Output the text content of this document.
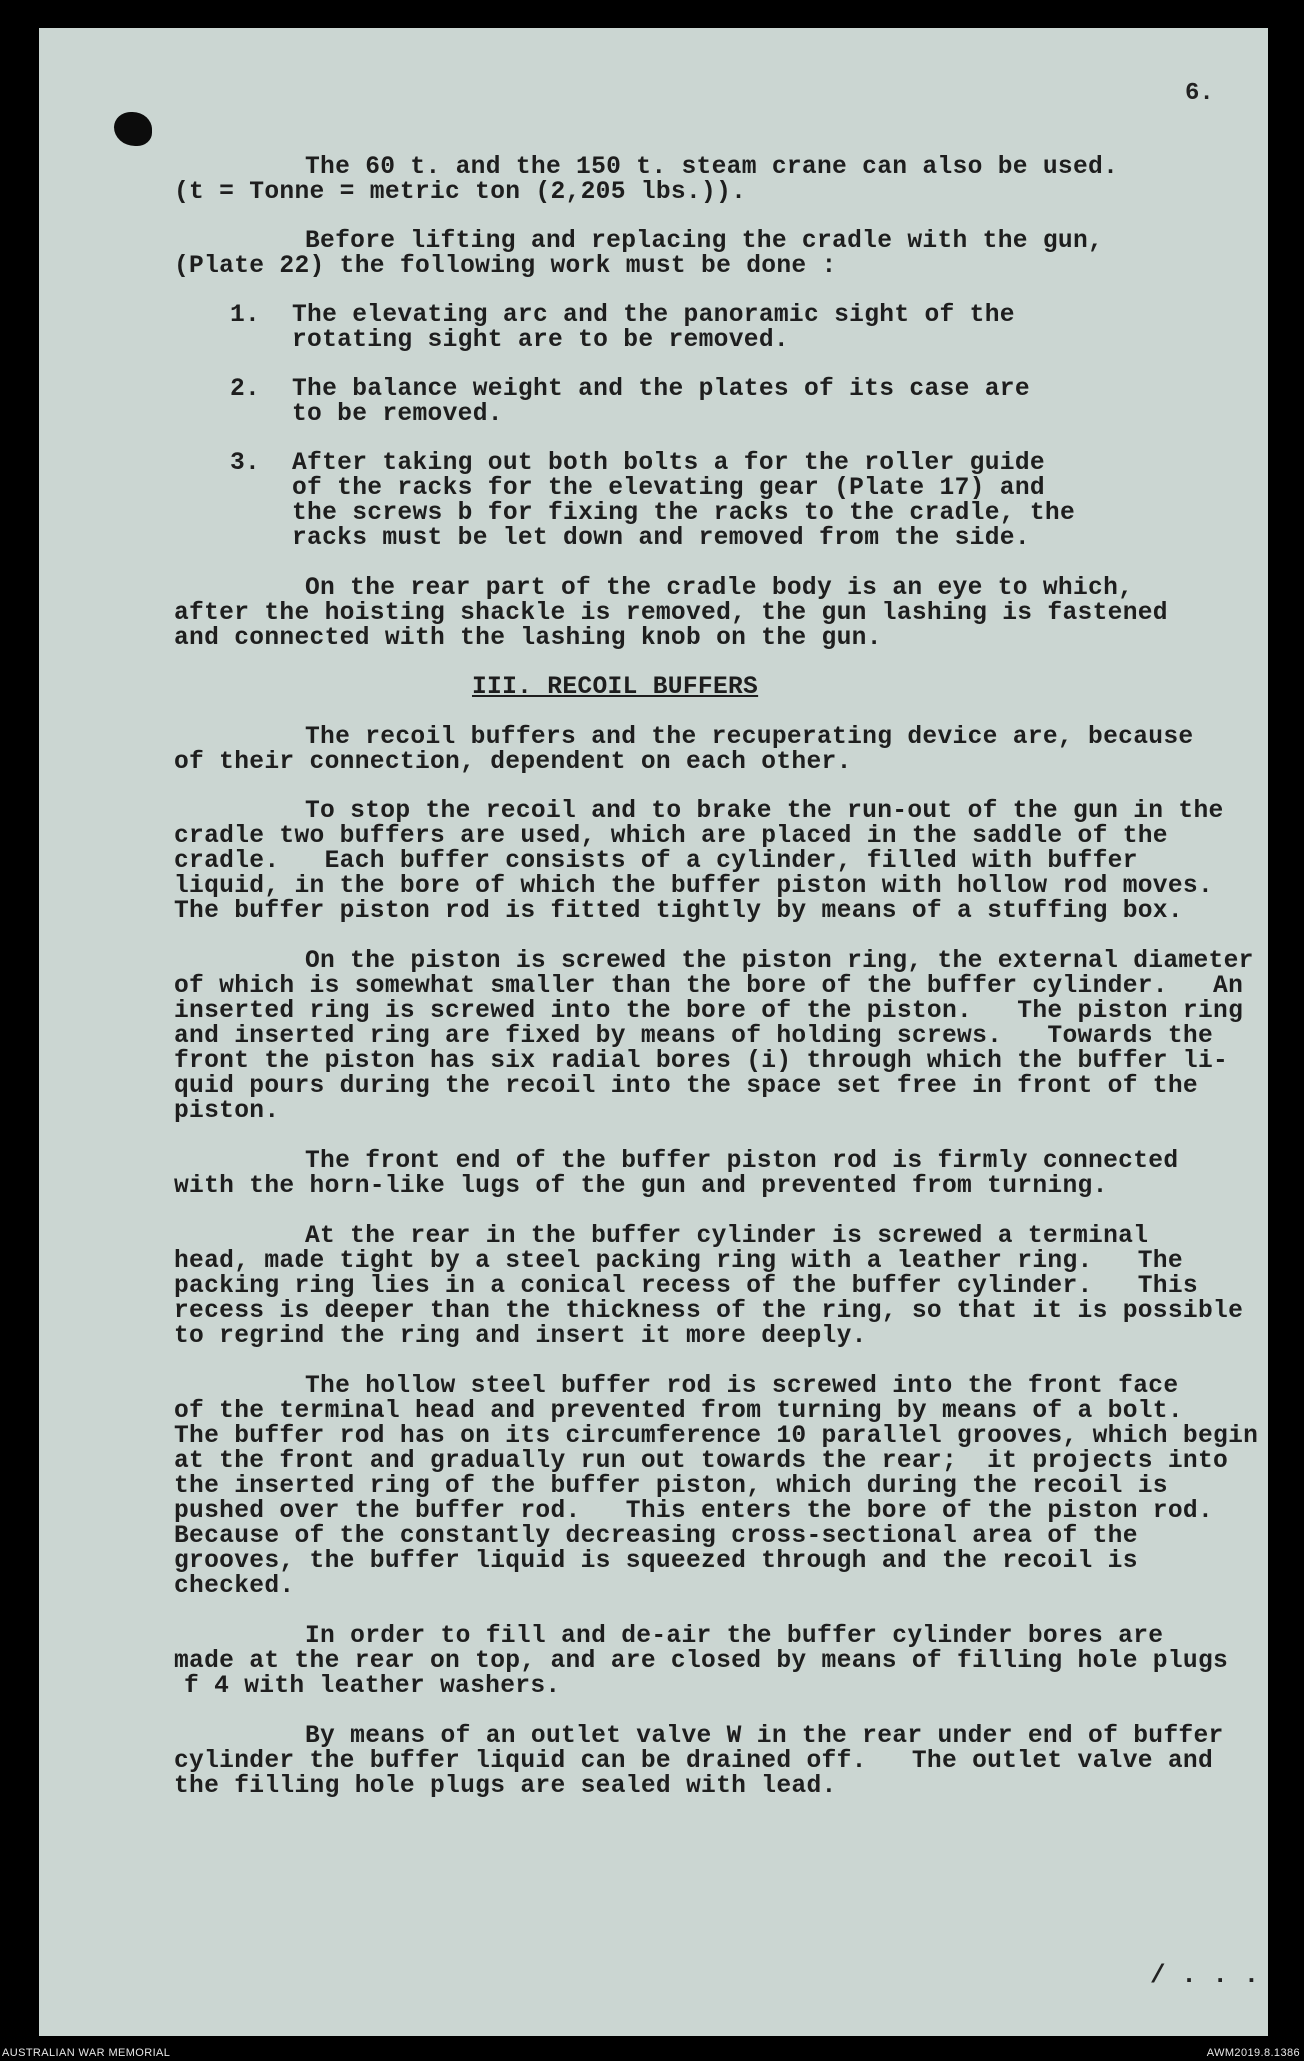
6.
The 60 t. and the 150 t. steam crane can also be used.
(t = Tonne = metric ton (2,205 lbs.)).
Before lifting and replacing the cradle with the gun,
(Plate 22) the following work must be done :
1. The elevating arc and the panoramic sight of the
rotating sight are to be removed.
2. The balance weight and the plates of its case are
to be removed.
3. After taking out both bolts a for the roller guide
of the racks for the elevating gear (Plate 17) and
the screws b for fixing the racks to the cradle, the
racks must be let down and removed from the side.
On the rear part of the cradle body is an eye to which,
after the hoisting shackle is removed, the gun lashing is fastened
and connected with the lashing knob on the gun.
III. RECOIL BUFFERS
The recoil buffers and the recuperating device are, because
of their connection, dependent on each other.
To stop the recoil and to brake the run-out of the gun in the
cradle two buffers are used, which are placed in the saddle of the
cradle.   Each buffer consists of a cylinder, filled with buffer
liquid, in the bore of which the buffer piston with hollow rod moves.
The buffer piston rod is fitted tightly by means of a stuffing box.
On the piston is screwed the piston ring, the external diameter
of which is somewhat smaller than the bore of the buffer cylinder.   An
inserted ring is screwed into the bore of the piston.   The piston ring
and inserted ring are fixed by means of holding screws.   Towards the
front the piston has six radial bores (i) through which the buffer li-
quid pours during the recoil into the space set free in front of the
piston.
The front end of the buffer piston rod is firmly connected
with the horn-like lugs of the gun and prevented from turning.
At the rear in the buffer cylinder is screwed a terminal
head, made tight by a steel packing ring with a leather ring.   The
packing ring lies in a conical recess of the buffer cylinder.   This
recess is deeper than the thickness of the ring, so that it is possible
to regrind the ring and insert it more deeply.
The hollow steel buffer rod is screwed into the front face
of the terminal head and prevented from turning by means of a bolt.
The buffer rod has on its circumference 10 parallel grooves, which begin
at the front and gradually run out towards the rear;  it projects into
the inserted ring of the buffer piston, which during the recoil is
pushed over the buffer rod.   This enters the bore of the piston rod.
Because of the constantly decreasing cross-sectional area of the
grooves, the buffer liquid is squeezed through and the recoil is
checked.
In order to fill and de-air the buffer cylinder bores are
made at the rear on top, and are closed by means of filling hole plugs
f 4 with leather washers.
By means of an outlet valve W in the rear under end of buffer
cylinder the buffer liquid can be drained off.   The outlet valve and
the filling hole plugs are sealed with lead.
/ . . .
AUSTRALIAN WAR MEMORIAL	AWM2019.8.1386
